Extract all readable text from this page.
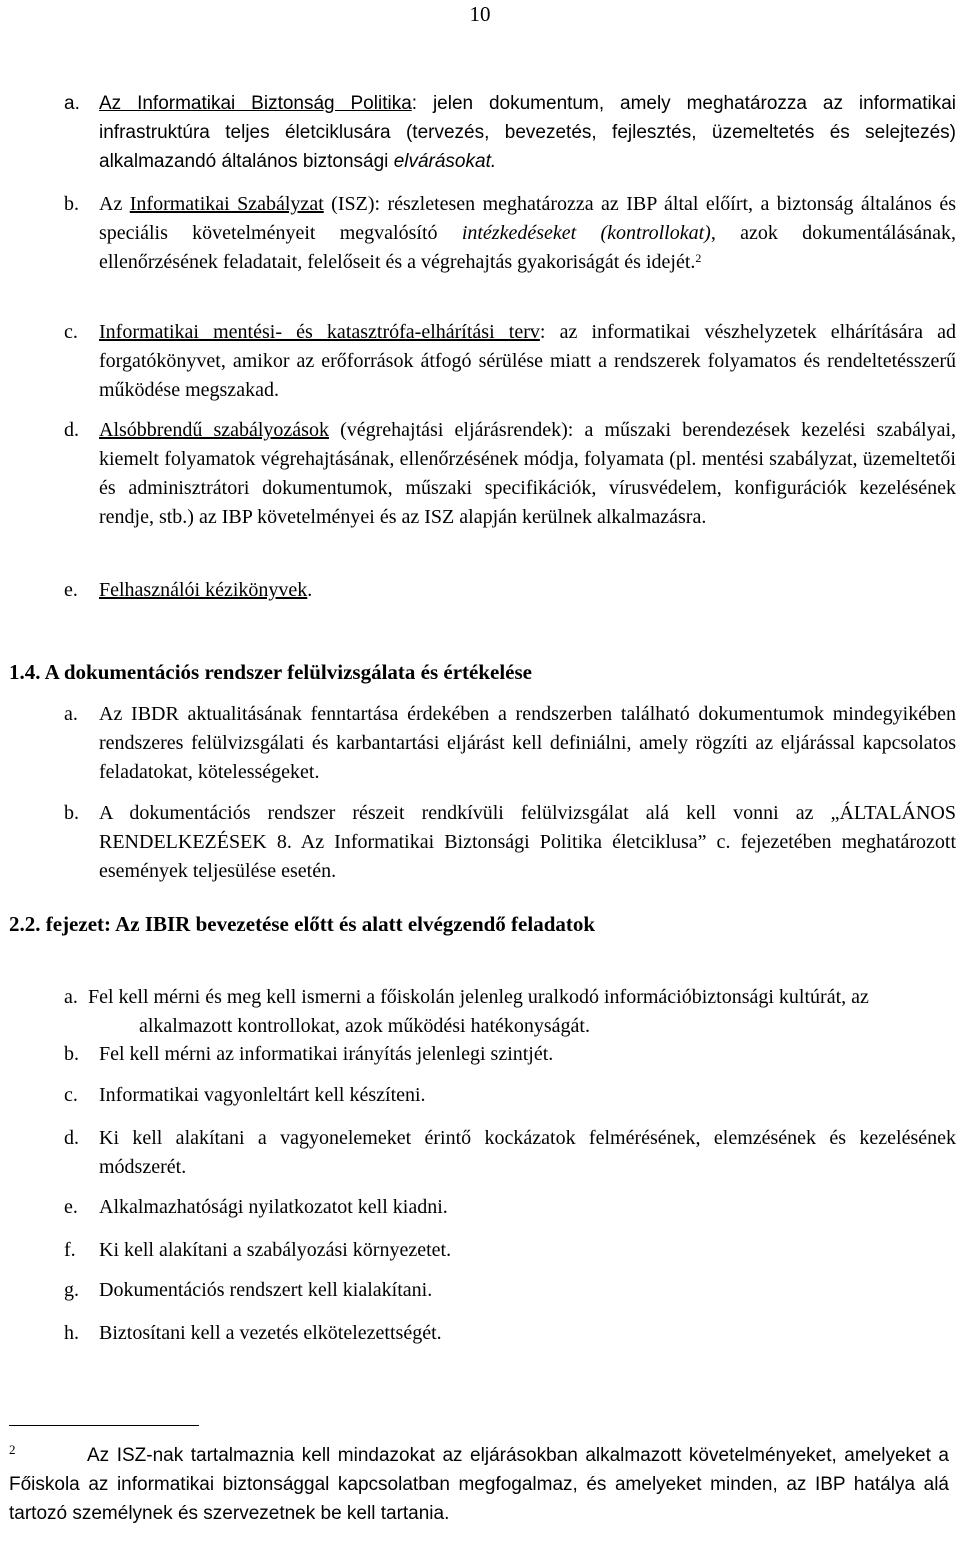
10
a.	Az Informatikai Biztonság Politika: jelen dokumentum, amely meghatározza az informatikai infrastruktúra teljes életciklusára (tervezés, bevezetés, fejlesztés, üzemeltetés és selejtezés) alkalmazandó általános biztonsági elvárásokat.
b.	Az Informatikai Szabályzat (ISZ): részletesen meghatározza az IBP által előírt, a biztonság általános és speciális követelményeit megvalósító intézkedéseket (kontrollokat), azok dokumentálásának, ellenőrzésének feladatait, felelőseit és a végrehajtás gyakoriságát és idejét.$^2$
c.	Informatikai mentési- és katasztrófa-elhárítási terv: az informatikai vészhelyzetek elhárítására ad forgatókönyvet, amikor az erőforrások átfogó sérülése miatt a rendszerek folyamatos és rendeltetésszerű működése megszakad.
d.	Alsóbbrendű szabályozások (végrehajtási eljárásrendek): a műszaki berendezések kezelési szabályai, kiemelt folyamatok végrehajtásának, ellenőrzésének módja, folyamata (pl. mentési szabályzat, üzemeltetői és adminisztrátori dokumentumok, műszaki specifikációk, vírusvédelem, konfigurációk kezelésének rendje, stb.) az IBP követelményei és az ISZ alapján kerülnek alkalmazásra.
e.	Felhasználói kézikönyvek.
1.4. A dokumentációs rendszer felülvizsgálata és értékelése
a.	Az IBDR aktualitásának fenntartása érdekében a rendszerben található dokumentumok mindegyikében rendszeres felülvizsgálati és karbantartási eljárást kell definiálni, amely rögzíti az eljárással kapcsolatos feladatokat, kötelességeket.
b.	A dokumentációs rendszer részeit rendkívüli felülvizsgálat alá kell vonni az „ÁLTALÁNOS RENDELKEZÉSEK 8. Az Informatikai Biztonsági Politika életciklusa” c. fejezetében meghatározott események teljesülése esetén.
2.2. fejezet: Az IBIR bevezetése előtt és alatt elvégzendő feladatok
a. Fel kell mérni és meg kell ismerni a főiskolán jelenleg uralkodó információbiztonsági kultúrát, az alkalmazott kontrollokat, azok működési hatékonyságát.
b.	Fel kell mérni az informatikai irányítás jelenlegi szintjét.
c.	Informatikai vagyonleltárt kell készíteni.
d.	Ki kell alakítani a vagyonelemeket érintő kockázatok felmérésének, elemzésének és kezelésének módszerét.
e.	Alkalmazhatósági nyilatkozatot kell kiadni.
f.	Ki kell alakítani a szabályozási környezetet.
g.	Dokumentációs rendszert kell kialakítani.
h.	Biztosítani kell a vezetés elkötelezettségét.
2	Az ISZ-nak tartalmaznia kell mindazokat az eljárásokban alkalmazott követelményeket, amelyeket a Főiskola az informatikai biztonsággal kapcsolatban megfogalmaz, és amelyeket minden, az IBP hatálya alá tartozó személynek és szervezetnek be kell tartania.
